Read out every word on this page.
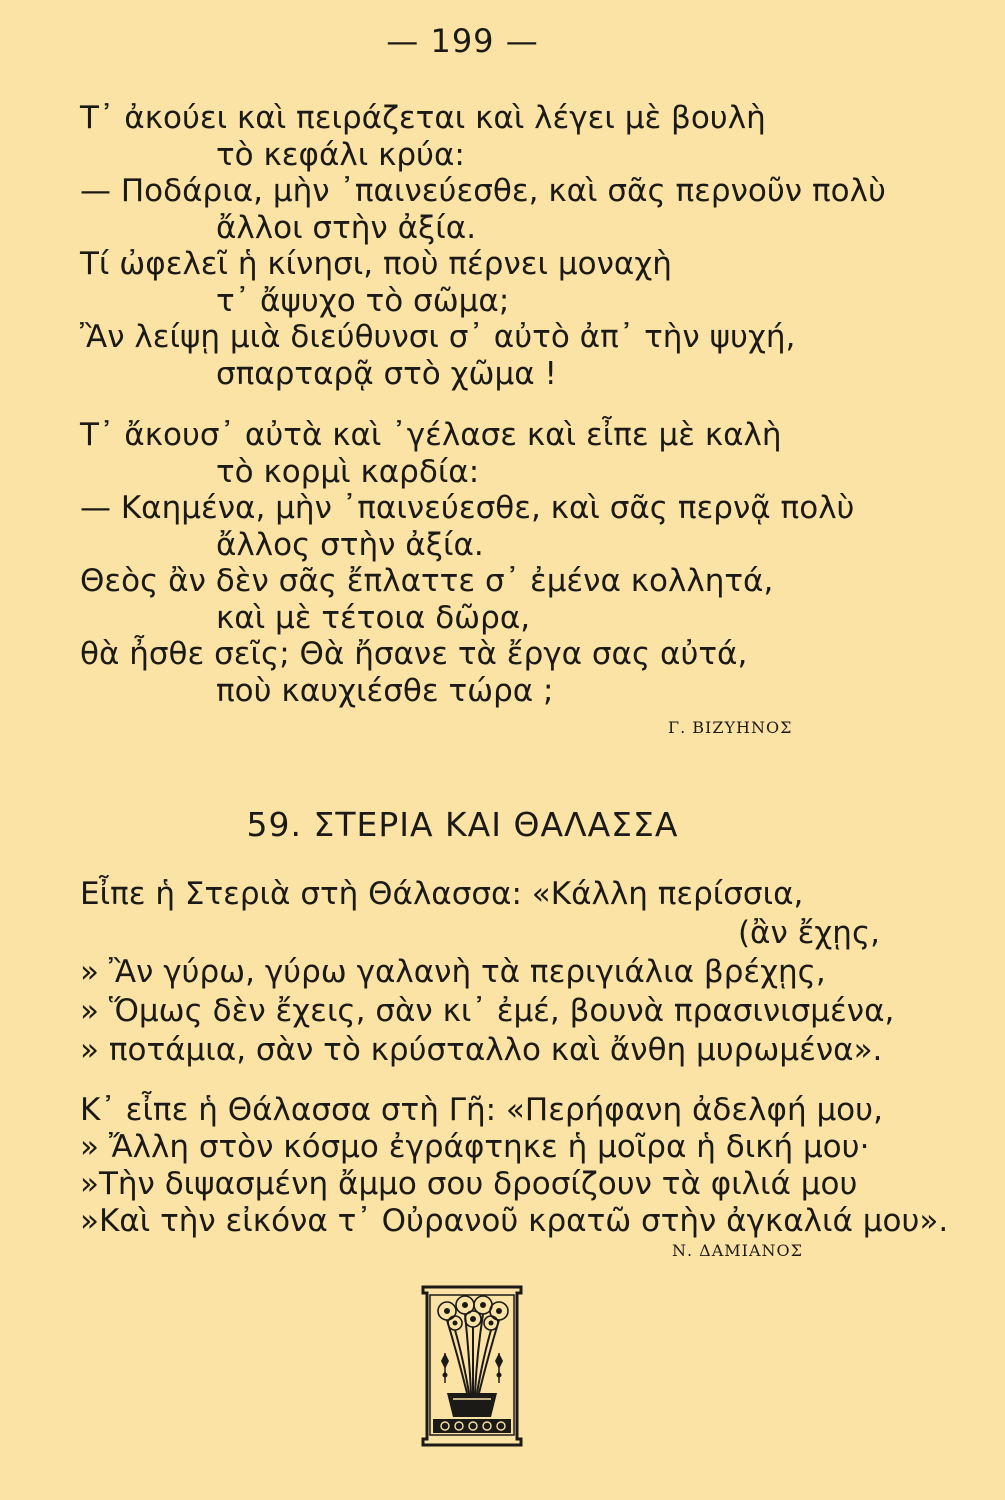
— 199 —
Τ᾽ ἀκούει καὶ πειράζεται καὶ λέγει μὲ βουλὴ
τὸ κεφάλι κρύα:
— Ποδάρια, μὴν ᾽παινεύεσθε, καὶ σᾶς περνοῦν πολὺ
ἄλλοι στὴν ἀξία.
Τί ὠφελεῖ ἡ κίνησι, ποὺ πέρνει μοναχὴ
τ᾽ ἄψυχο τὸ σῶμα;
Ἂν λείψῃ μιὰ διεύθυνσι σ᾽ αὐτὸ ἀπ᾽ τὴν ψυχή,
σπαρταρᾷ στὸ χῶμα !
Τ᾽ ἄκουσ᾽ αὐτὰ καὶ ᾽γέλασε καὶ εἶπε μὲ καλὴ
τὸ κορμὶ καρδία:
— Καημένα, μὴν ᾽παινεύεσθε, καὶ σᾶς περνᾷ πολὺ
ἄλλος στὴν ἀξία.
Θεὸς ἂν δὲν σᾶς ἔπλαττε σ᾽ ἐμένα κολλητά,
καὶ μὲ τέτοια δῶρα,
θὰ ἦσθε σεῖς; Θὰ ἤσανε τὰ ἔργα σας αὐτά,
ποὺ καυχιέσθε τώρα ;
Γ. ΒΙΖΥΗΝΟΣ
59. ΣΤΕΡΙΑ ΚΑΙ ΘΑΛΑΣΣΑ
Εἶπε ἡ Στεριὰ στὴ Θάλασσα: «Κάλλη περίσσια,
(ἂν ἔχῃς,
» Ἂν γύρω, γύρω γαλανὴ τὰ περιγιάλια βρέχῃς,
» Ὅμως δὲν ἔχεις, σὰν κι᾽ ἐμέ, βουνὰ πρασινισμένα,
» ποτάμια, σὰν τὸ κρύσταλλο καὶ ἄνθη μυρωμένα».
Κ᾽ εἶπε ἡ Θάλασσα στὴ Γῆ: «Περήφανη ἀδελφή μου,
» Ἄλλη στὸν κόσμο ἐγράφτηκε ἡ μοῖρα ἡ δική μου·
»Τὴν διψασμένη ἄμμο σου δροσίζουν τὰ φιλιά μου
»Καὶ τὴν εἰκόνα τ᾽ Οὐρανοῦ κρατῶ στὴν ἀγκαλιά μου».
Ν. ΔΑΜΙΑΝΟΣ
